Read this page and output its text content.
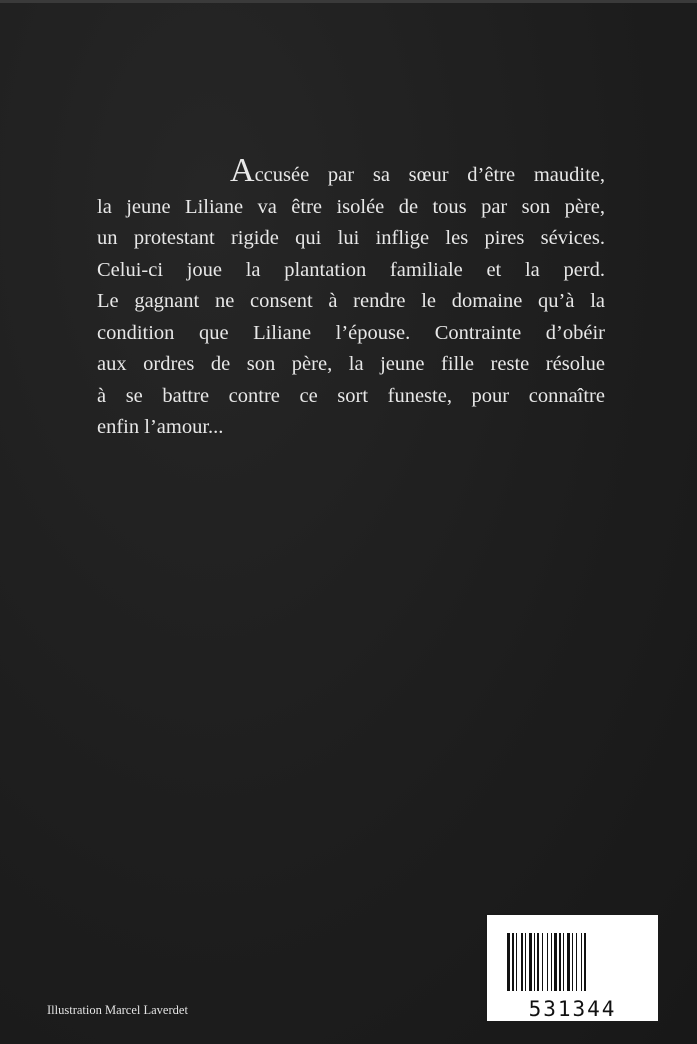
Accusée par sa sœur d’être maudite,
la jeune Liliane va être isolée de tous par son père,
un protestant rigide qui lui inflige les pires sévices.
Celui-ci joue la plantation familiale et la perd.
Le gagnant ne consent à rendre le domaine qu’à la
condition que Liliane l’épouse. Contrainte d’obéir
aux ordres de son père, la jeune fille reste résolue
à se battre contre ce sort funeste, pour connaître
enfin l’amour...
Illustration Marcel Laverdet	531344
